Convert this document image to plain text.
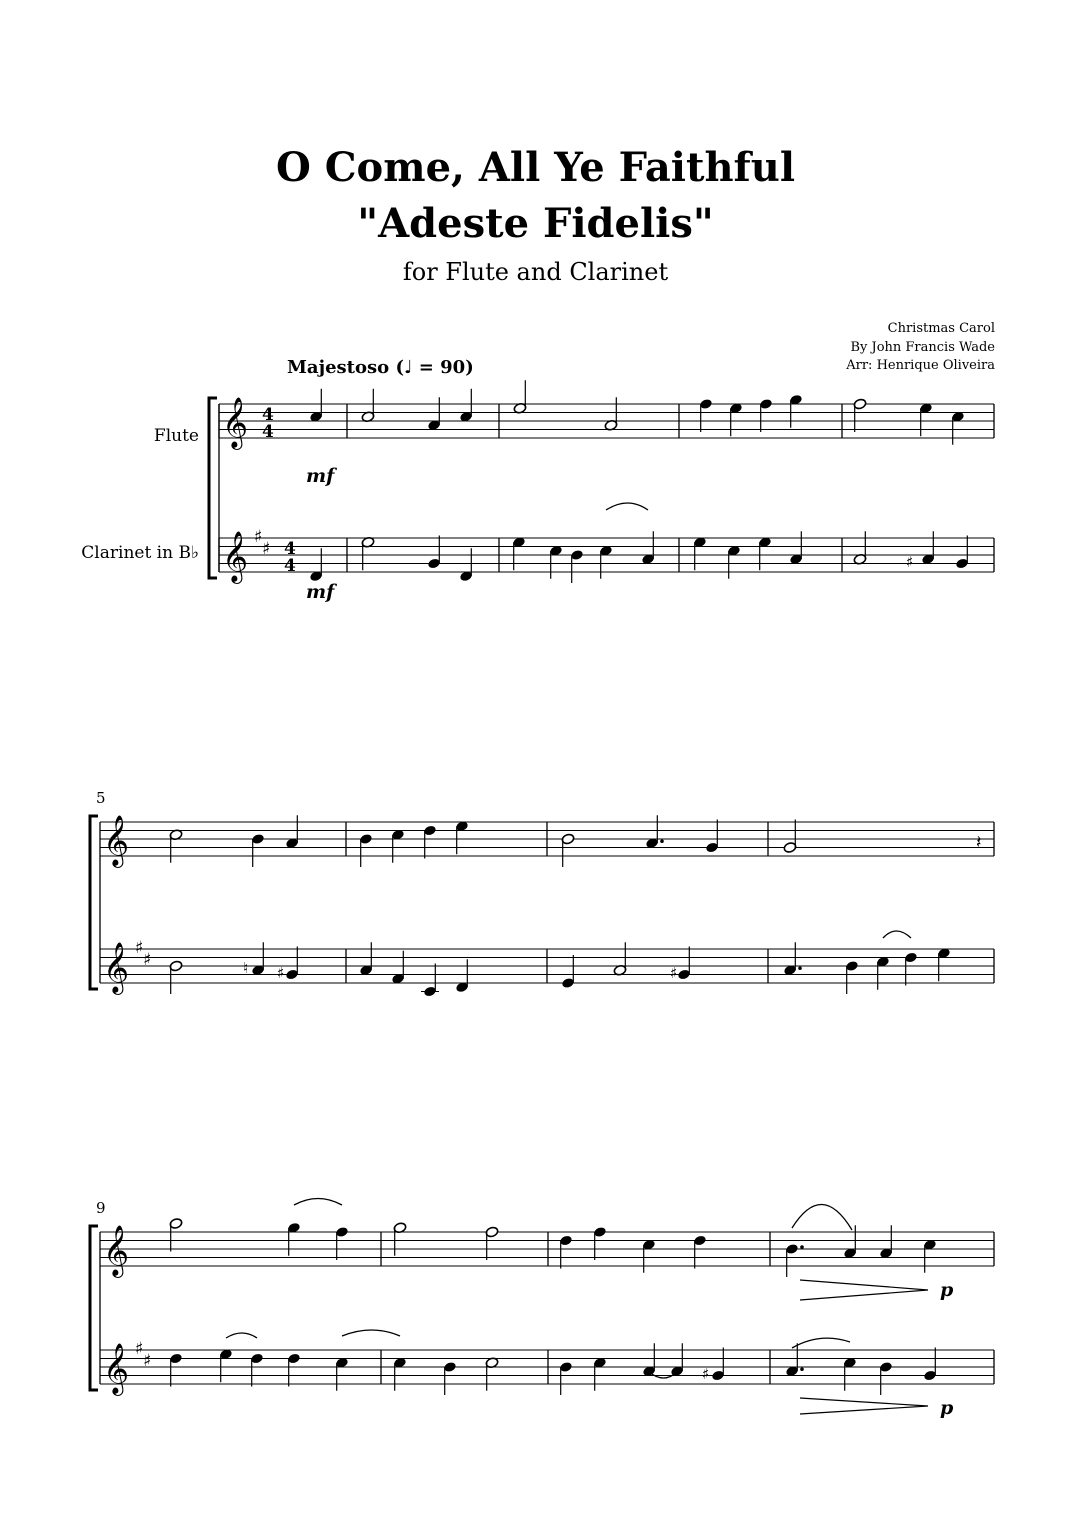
O Come, All Ye Faithful
"Adeste Fidelis"
for Flute and Clarinet
Christmas Carol
By John Francis Wade
Arr: Henrique Oliveira
Majestoso (♩ = 90)
Flute
Clarinet in B♭
𝄞
𝄞 ♯
♯
4
4
4
4	♯
mf
mf
5
𝄞
𝄞 ♯
♯
𝄽
♮ ♯	♯
9
𝄞
𝄞 ♯
♯
p
♯
p
